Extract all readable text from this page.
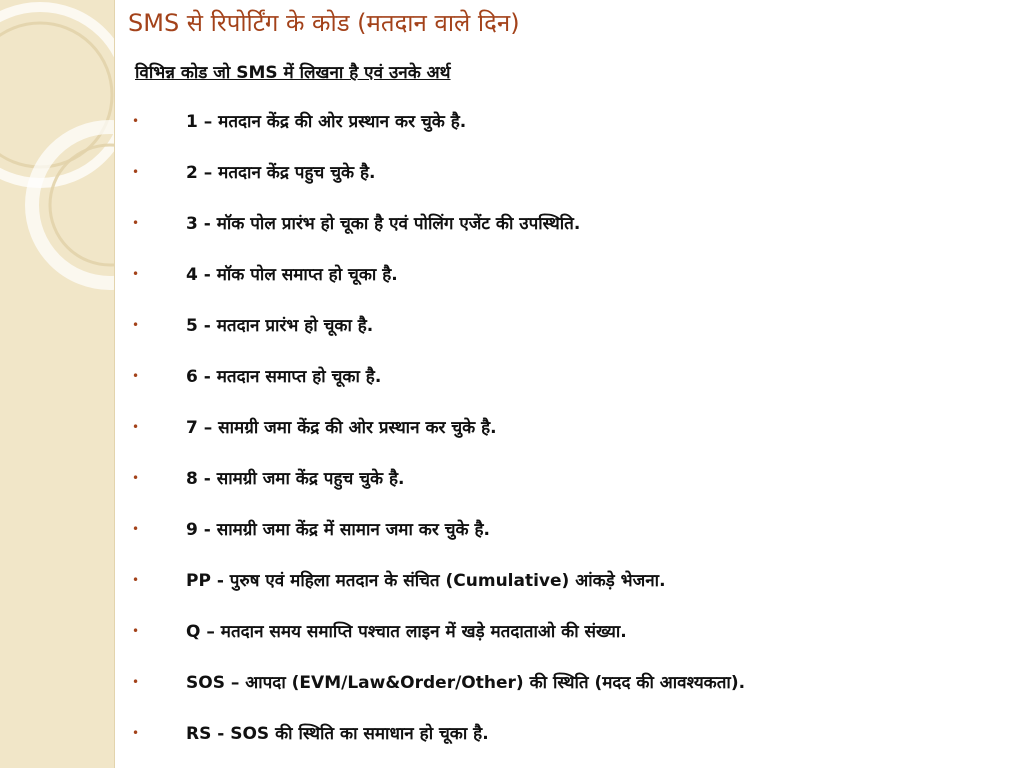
SMS से रिपोर्टिंग के कोड (मतदान वाले दिन)
विभिन्न कोड जो SMS में लिखना है एवं उनके अर्थ
•	1 – मतदान केंद्र की ओर प्रस्थान कर चुके है.
•	2 – मतदान केंद्र पहुच चुके है.
•	3 - मॉक पोल प्रारंभ हो चूका है एवं पोलिंग एजेंट की उपस्थिति.
•	4 - मॉक पोल समाप्त हो चूका है.
•	5 - मतदान प्रारंभ हो चूका है.
•	6 - मतदान समाप्त हो चूका है.
•	7 – सामग्री जमा केंद्र की ओर प्रस्थान कर चुके है.
•	8 - सामग्री जमा केंद्र पहुच चुके है.
•	9 - सामग्री जमा केंद्र में सामान जमा कर चुके है.
•	PP - पुरुष एवं महिला मतदान के संचित (Cumulative) आंकड़े भेजना.
•	Q – मतदान समय समाप्ति पश्चात लाइन में खड़े मतदाताओ की संख्या.
•	SOS – आपदा (EVM/Law&Order/Other) की स्थिति (मदद की आवश्यकता).
•	RS - SOS की स्थिति का समाधान हो चूका है.
